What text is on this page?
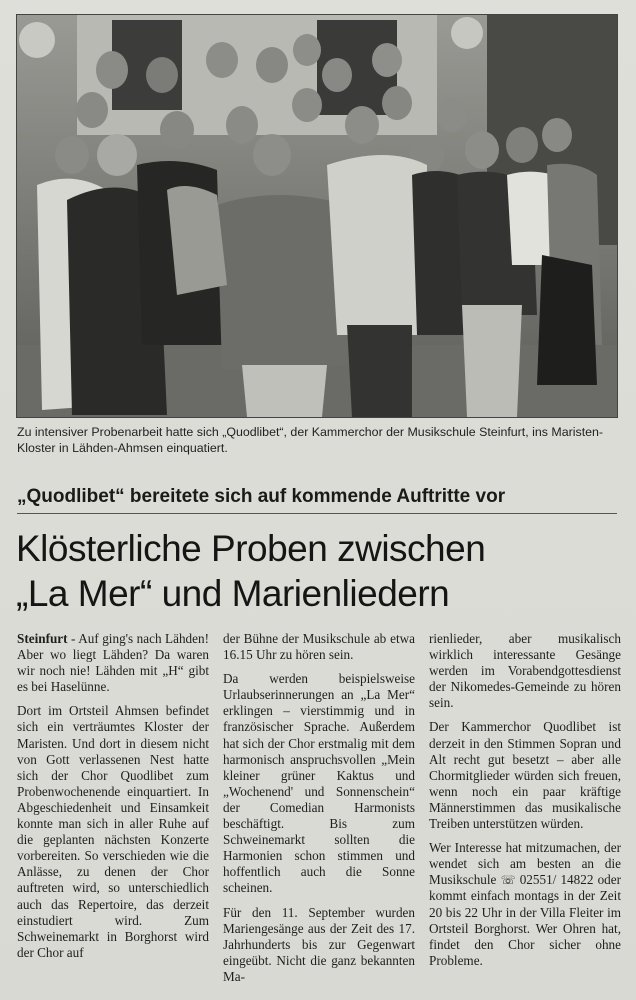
Zu intensiver Probenarbeit hatte sich „Quodlibet“, der Kammerchor der Musikschule Steinfurt, ins Maristen-Kloster in Lähden-Ahmsen einquatiert.
„Quodlibet“ bereitete sich auf kommende Auftritte vor
Klösterliche Proben zwischen
„La Mer“ und Marienliedern

Steinfurt - Auf ging's nach Lähden! Aber wo liegt Lähden? Da waren wir noch nie! Lähden mit „H“ gibt es bei Haselünne.

Dort im Ortsteil Ahmsen befindet sich ein verträumtes Kloster der Maristen. Und dort in diesem nicht von Gott verlassenen Nest hatte sich der Chor Quodlibet zum Probenwochenende einquartiert. In Abgeschiedenheit und Einsamkeit konnte man sich in aller Ruhe auf die geplanten nächsten Konzerte vorbereiten. So verschieden wie die Anlässe, zu denen der Chor auftreten wird, so unterschiedlich auch das Repertoire, das derzeit einstudiert wird. Zum Schweinemarkt in Borghorst wird der Chor auf

der Bühne der Musikschule ab etwa 16.15 Uhr zu hören sein.

Da werden beispielsweise Urlaubserinnerungen an „La Mer“ erklingen – vierstimmig und in französischer Sprache. Außerdem hat sich der Chor erstmalig mit dem harmonisch anspruchsvollen „Mein kleiner grüner Kaktus und „Wochenend' und Sonnenschein“ der Comedian Harmonists beschäftigt. Bis zum Schweinemarkt sollten die Harmonien schon stimmen und hoffentlich auch die Sonne scheinen.

Für den 11. September wurden Mariengesänge aus der Zeit des 17. Jahrhunderts bis zur Gegenwart eingeübt. Nicht die ganz bekannten Ma-

rienlieder, aber musikalisch wirklich interessante Gesänge werden im Vorabendgottesdienst der Nikomedes-Gemeinde zu hören sein.

Der Kammerchor Quodlibet ist derzeit in den Stimmen Sopran und Alt recht gut besetzt – aber alle Chormitglieder würden sich freuen, wenn noch ein paar kräftige Männerstimmen das musikalische Treiben unterstützen würden.

Wer Interesse hat mitzumachen, der wendet sich am besten an die Musikschule ☏ 02551/ 14822 oder kommt einfach montags in der Zeit 20 bis 22 Uhr in der Villa Fleiter im Ortsteil Borghorst. Wer Ohren hat, findet den Chor sicher ohne Probleme.
